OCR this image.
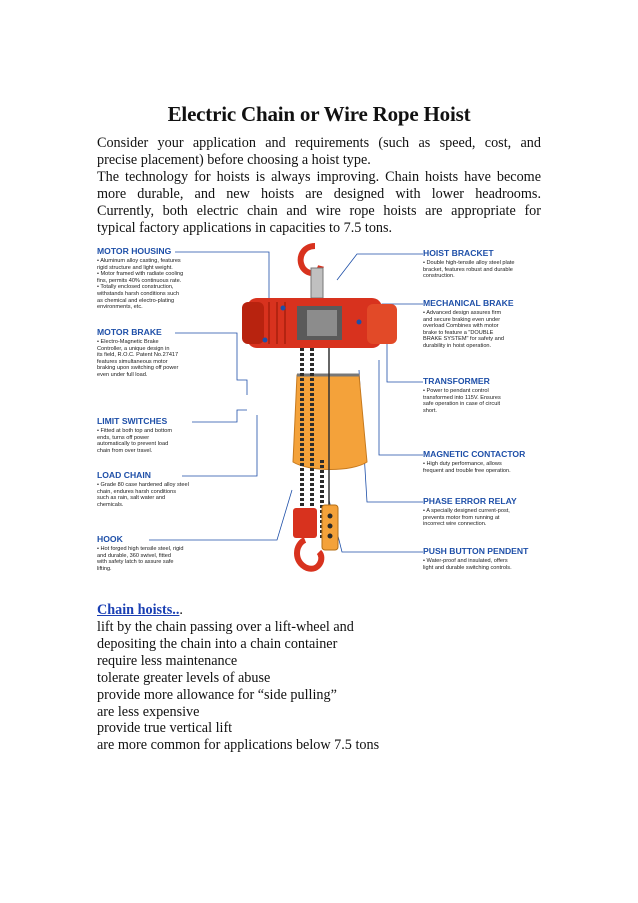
Electric Chain or Wire Rope Hoist
Consider your application and requirements (such as speed, cost, and
precise placement) before choosing a hoist type.
The technology for hoists is always improving. Chain hoists have become
more durable, and new hoists are designed with lower headrooms.
Currently, both electric chain and wire rope hoists are appropriate for
typical factory applications in capacities to 7.5 tons.
MOTOR HOUSING
• Aluminum alloy casting, features
rigid structure and light weight.
• Motor framed with radiate cooling
fins, permits 40% continuous rate.
• Totally enclosed construction,
withstands harsh conditions such
as chemical and electro-plating
environments, etc.
MOTOR BRAKE
• Electro-Magnetic Brake
Controller, a unique design in
its field, R.O.C. Patent No.27417
features simultaneous motor
braking upon switching off power
even under full load.
LIMIT SWITCHES
• Fitted at both top and bottom
ends, turns off power
automatically to prevent load
chain from over travel.
LOAD CHAIN
• Grade 80 case hardened alloy steel
chain, endures harsh conditions
such as rain, salt water and
chemicals.
HOOK
• Hot forged high tensile steel, rigid
and durable, 360 swivel, fitted
with safety latch to assure safe
lifting.
HOIST BRACKET
• Double high-tensile alloy steel plate
bracket, features robust and durable
construction.
MECHANICAL BRAKE
• Advanced design assures firm
and secure braking even under
overload Combines with motor
brake to feature a "DOUBLE
BRAKE SYSTEM" for safety and
durability in hoist operation.
TRANSFORMER
• Power to pendant control
transformed into 115V. Ensures
safe operation in case of circuit
short.
MAGNETIC CONTACTOR
• High duty performance, allows
frequent and trouble free operation.
PHASE ERROR RELAY
• A specially designed current-post,
prevents motor from running at
incorrect wire connection.
PUSH BUTTON PENDENT
• Water-proof and insulated, offers
light and durable switching controls.
Chain hoists...
lift by the chain passing over a lift-wheel and
depositing the chain into a chain container
require less maintenance
tolerate greater levels of abuse
provide more allowance for “side pulling”
are less expensive
provide true vertical lift
are more common for applications below 7.5 tons
